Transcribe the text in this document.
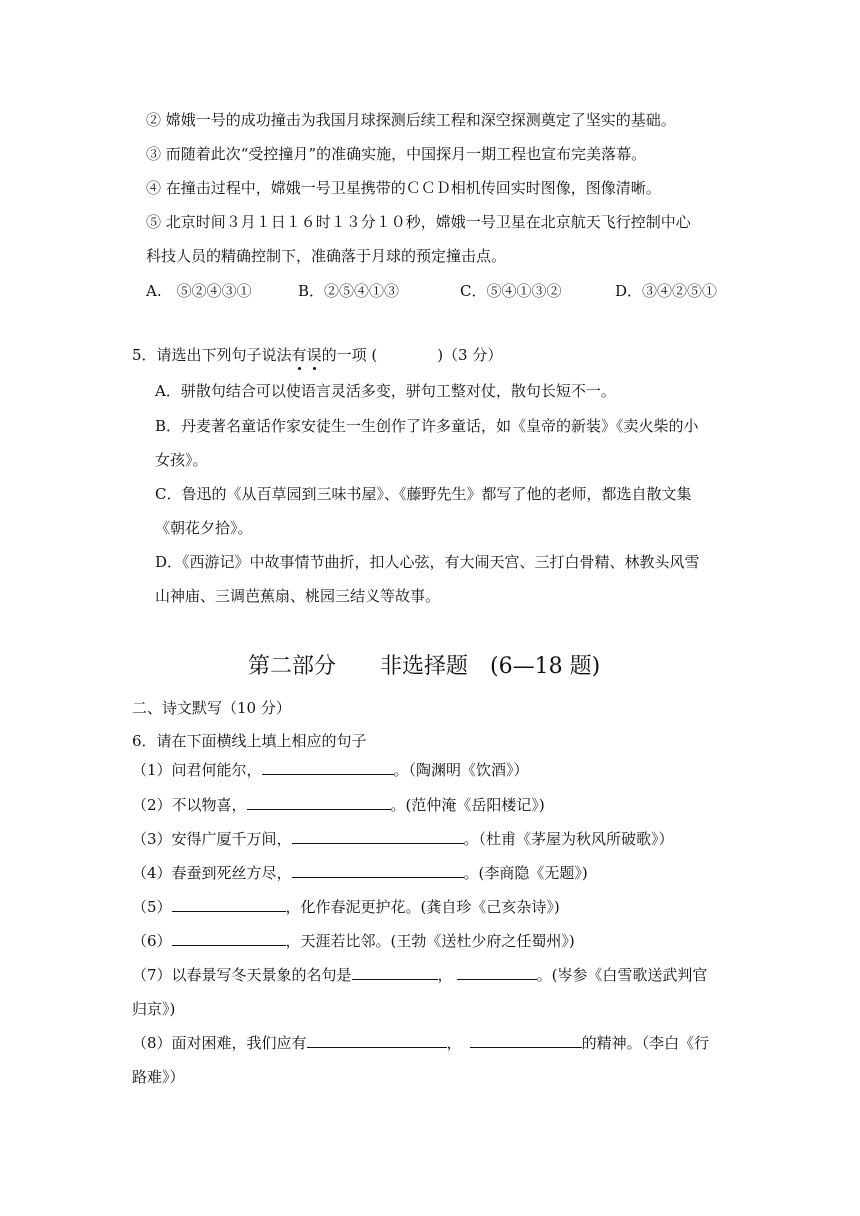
② 嫦娥一号的成功撞击为我国月球探测后续工程和深空探测奠定了坚实的基础。
③ 而随着此次“受控撞月”的准确实施，中国探月一期工程也宣布完美落幕。
④ 在撞击过程中，嫦娥一号卫星携带的ＣＣＤ相机传回实时图像，图像清晰。
⑤ 北京时间３月１日１６时１３分１０秒，嫦娥一号卫星在北京航天飞行控制中心
科技人员的精确控制下，准确落于月球的预定撞击点。
A.　⑤②④③①	B．②⑤④①③	C．⑤④①③②	D．③④②⑤①
5．请选出下列句子说法有误的一项 (　　　　)（3 分）
A．骈散句结合可以使语言灵活多变，骈句工整对仗，散句长短不一。
B．丹麦著名童话作家安徒生一生创作了许多童话，如《皇帝的新装》《卖火柴的小
女孩》。
C．鲁迅的《从百草园到三味书屋》、《藤野先生》都写了他的老师，都选自散文集
《朝花夕拾》。
D．《西游记》中故事情节曲折，扣人心弦，有大闹天宫、三打白骨精、林教头风雪
山神庙、三调芭蕉扇、桃园三结义等故事。
第二部分　　非选择题　(6—18 题)
二、诗文默写（10 分）
6．请在下面横线上填上相应的句子
（1）问君何能尔，	。（陶渊明《饮酒》）
（2）不以物喜，	。(范仲淹《岳阳楼记》)
（3）安得广厦千万间，	。（杜甫《茅屋为秋风所破歌》）
（4）春蚕到死丝方尽，	。(李商隐《无题》)
（5）	，化作春泥更护花。(龚自珍《己亥杂诗》)
（6）	，天涯若比邻。(王勃《送杜少府之任蜀州》)
（7）以春景写冬天景象的名句是	，	。(岑参《白雪歌送武判官
归京》)
（8）面对困难，我们应有	，	的精神。（李白《行
路难》）
